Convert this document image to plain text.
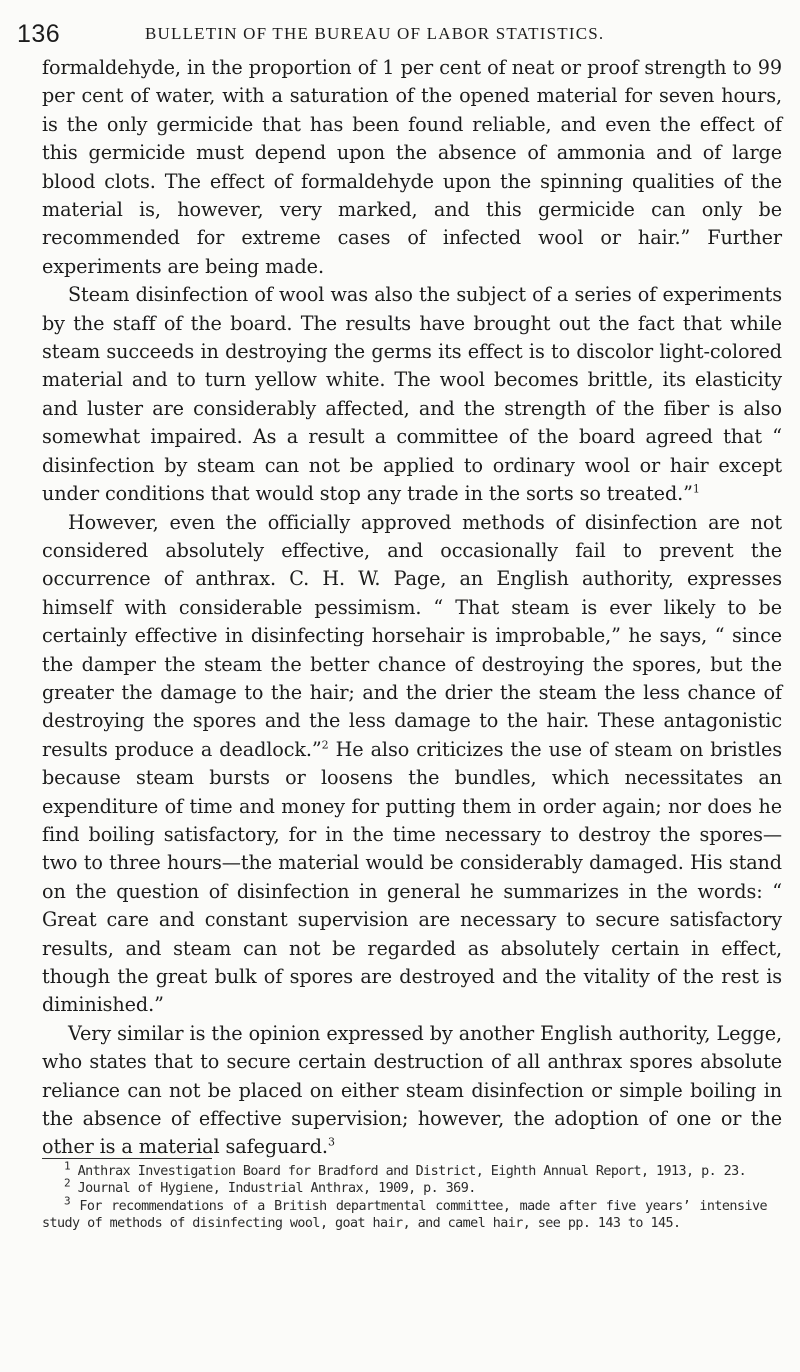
136	BULLETIN OF THE BUREAU OF LABOR STATISTICS.

formaldehyde, in the proportion of 1 per cent of neat or proof strength to 99 per cent of water, with a saturation of the opened material for seven hours, is the only germicide that has been found reliable, and even the effect of this germicide must depend upon the absence of ammonia and of large blood clots. The effect of formaldehyde upon the spinning qualities of the material is, however, very marked, and this germicide can only be recommended for extreme cases of infected wool or hair.” Further experiments are being made.

Steam disinfection of wool was also the subject of a series of experiments by the staff of the board. The results have brought out the fact that while steam succeeds in destroying the germs its effect is to discolor light-colored material and to turn yellow white. The wool becomes brittle, its elasticity and luster are considerably affected, and the strength of the fiber is also somewhat impaired. As a result a committee of the board agreed that “ disinfection by steam can not be applied to ordinary wool or hair except under conditions that would stop any trade in the sorts so treated.”$^1$

However, even the officially approved methods of disinfection are not considered absolutely effective, and occasionally fail to prevent the occurrence of anthrax. C. H. W. Page, an English authority, expresses himself with considerable pessimism. “ That steam is ever likely to be certainly effective in disinfecting horsehair is improbable,” he says, “ since the damper the steam the better chance of destroying the spores, but the greater the damage to the hair; and the drier the steam the less chance of destroying the spores and the less damage to the hair. These antagonistic results produce a deadlock.”$^2$ He also criticizes the use of steam on bristles because steam bursts or loosens the bundles, which necessitates an expenditure of time and money for putting them in order again; nor does he find boiling satisfactory, for in the time necessary to destroy the spores—two to three hours—the material would be considerably damaged. His stand on the question of disinfection in general he summarizes in the words: “ Great care and constant supervision are necessary to secure satisfactory results, and steam can not be regarded as absolutely certain in effect, though the great bulk of spores are destroyed and the vitality of the rest is diminished.”

Very similar is the opinion expressed by another English authority, Legge, who states that to secure certain destruction of all anthrax spores absolute reliance can not be placed on either steam disinfection or simple boiling in the absence of effective supervision; however, the adoption of one or the other is a material safeguard.$^3$

$^1$ Anthrax Investigation Board for Bradford and District, Eighth Annual Report, 1913, p. 23.
$^2$ Journal of Hygiene, Industrial Anthrax, 1909, p. 369.
$^3$ For recommendations of a British departmental committee, made after five years’ intensive study of methods of disinfecting wool, goat hair, and camel hair, see pp. 143 to 145.
